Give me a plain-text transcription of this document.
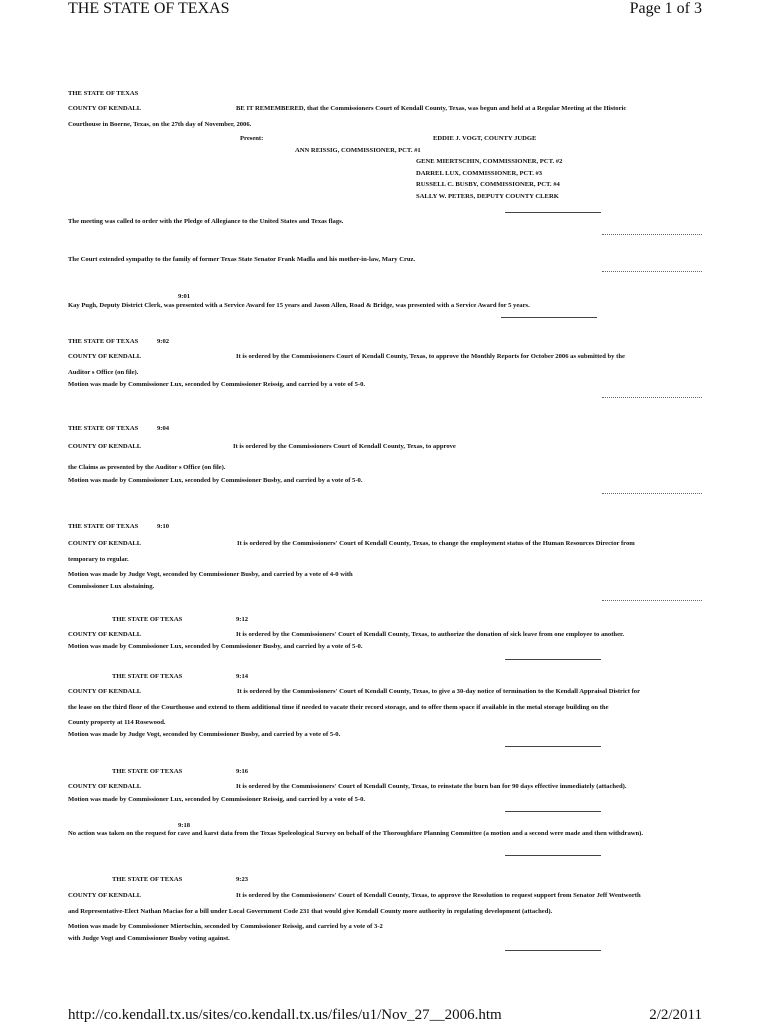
THE STATE OF TEXAS	Page 1 of 3
THE STATE OF TEXAS
COUNTY OF KENDALL	BE IT REMEMBERED, that the Commissioners Court of Kendall County, Texas, was begun and held at a Regular Meeting at the Historic
Courthouse in Boerne, Texas, on the 27th day of November, 2006.
Present:	EDDIE J. VOGT, COUNTY JUDGE
ANN REISSIG, COMMISSIONER, PCT. #1
GENE MIERTSCHIN, COMMISSIONER, PCT. #2
DARREL LUX, COMMISSIONER, PCT. #3
RUSSELL C. BUSBY, COMMISSIONER, PCT. #4
SALLY W. PETERS, DEPUTY COUNTY CLERK
The meeting was called to order with the Pledge of Allegiance to the United States and Texas flags.
The Court extended sympathy to the family of former Texas State Senator Frank Madla and his mother-in-law, Mary Cruz.
9:01
Kay Pugh, Deputy District Clerk, was presented with a Service Award for 15 years and Jason Allen, Road & Bridge, was presented with a Service Award for 5 years.
THE STATE OF TEXAS	9:02
COUNTY OF KENDALL	It is ordered by the Commissioners Court of Kendall County, Texas, to approve the Monthly Reports for October 2006 as submitted by the
Auditor s Office (on file).
Motion was made by Commissioner Lux, seconded by Commissioner Reissig, and carried by a vote of 5-0.
THE STATE OF TEXAS	9:04
COUNTY OF KENDALL	It is ordered by the Commissioners Court of Kendall County, Texas, to approve
the Claims as presented by the Auditor s Office (on file).
Motion was made by Commissioner Lux, seconded by Commissioner Busby, and carried by a vote of 5-0.
THE STATE OF TEXAS	9:10
COUNTY OF KENDALL	It is ordered by the Commissioners' Court of Kendall County, Texas, to change the employment status of the Human Resources Director from
temporary to regular.
Motion was made by Judge Vogt, seconded by Commissioner Busby, and carried by a vote of 4-0 with
Commissioner Lux abstaining.
THE STATE OF TEXAS	9:12
COUNTY OF KENDALL	It is ordered by the Commissioners' Court of Kendall County, Texas, to authorize the donation of sick leave from one employee to another.
Motion was made by Commissioner Lux, seconded by Commissioner Busby, and carried by a vote of 5-0.
THE STATE OF TEXAS	9:14
COUNTY OF KENDALL	It is ordered by the Commissioners' Court of Kendall County, Texas, to give a 30-day notice of termination to the Kendall Appraisal District for
the lease on the third floor of the Courthouse and extend to them additional time if needed to vacate their record storage, and to offer them space if available in the metal storage building on the
County property at 114 Rosewood.
Motion was made by Judge Vogt, seconded by Commissioner Busby, and carried by a vote of 5-0.
THE STATE OF TEXAS	9:16
COUNTY OF KENDALL	It is ordered by the Commissioners' Court of Kendall County, Texas, to reinstate the burn ban for 90 days effective immediately (attached).
Motion was made by Commissioner Lux, seconded by Commissioner Reissig, and carried by a vote of 5-0.
9:18
No action was taken on the request for cave and karst data from the Texas Speleological Survey on behalf of the Thoroughfare Planning Committee (a motion and a second were made and then withdrawn).
THE STATE OF TEXAS	9:23
COUNTY OF KENDALL	It is ordered by the Commissioners' Court of Kendall County, Texas, to approve the Resolution to request support from Senator Jeff Wentworth
and Representative-Elect Nathan Macias for a bill under Local Government Code 231 that would give Kendall County more authority in regulating development (attached).
Motion was made by Commissioner Miertschin, seconded by Commissioner Reissig, and carried by a vote of 3-2
with Judge Vogt and Commissioner Busby voting against.
http://co.kendall.tx.us/sites/co.kendall.tx.us/files/u1/Nov_27__2006.htm	2/2/2011
